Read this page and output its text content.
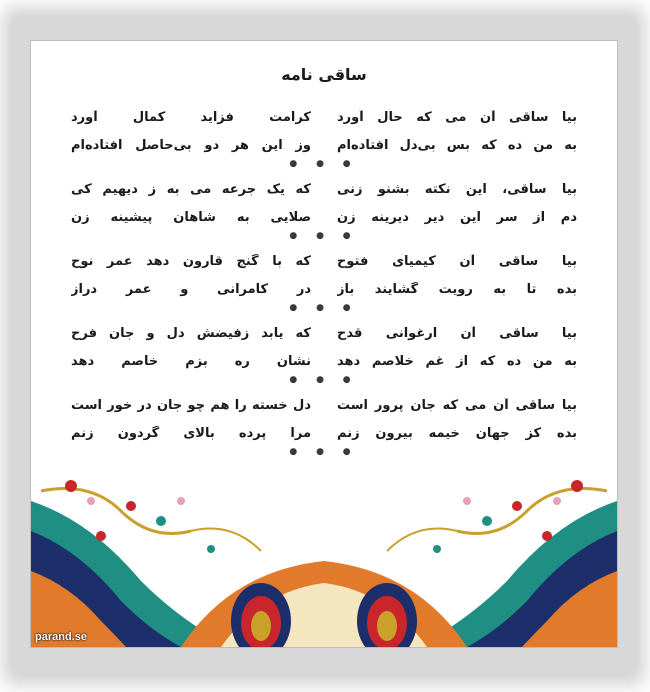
ساقی نامه
بیا ساقی آن می که حال آورد
کرامت فزاید کمال آورد
به من ده که بس بی‌دل افتاده‌ام
وز این هر دو بی‌حاصل افتاده‌ام
● ● ●
بیا ساقی، این نکته بشنو زنی
که یک جرعه می به ز دیهیم کی
دم از سر این دیر دیرینه زن
صلایی به شاهان پیشینه زن
● ● ●
بیا ساقی آن کیمیای فتوح
که با گنج قارون دهد عمر نوح
بده تا به رویت گشایند باز
در کامرانی و عمر دراز
● ● ●
بیا ساقی آن ارغوانی قدح
که یابد زفیضش دل و جان فرح
به من ده که از غم خلاصم دهد
نشان ره بزم خاصم دهد
● ● ●
بیا ساقی آن می که جان پرور است
دل خسته را هم چو جان در خور است
بده کز جهان خیمه بیرون زنم
مرا پرده بالای گردون زنم
● ● ●
parand.se
